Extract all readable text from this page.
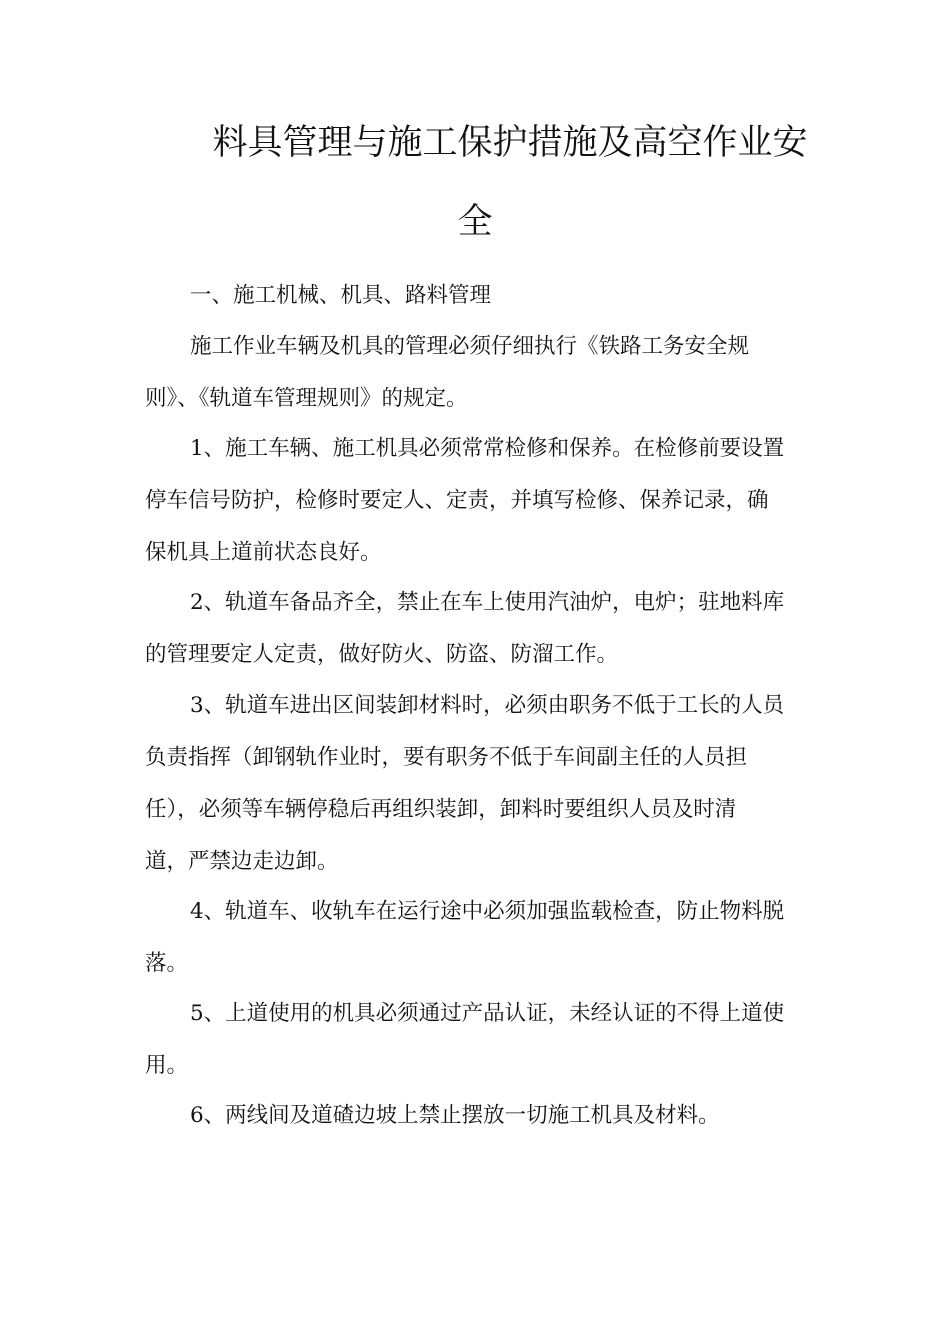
料具管理与施工保护措施及高空作业安
全

一、施工机械、机具、路料管理

施工作业车辆及机具的管理必须仔细执行《铁路工务安全规
则》、《轨道车管理规则》的规定。

1、施工车辆、施工机具必须常常检修和保养。在检修前要设置
停车信号防护，检修时要定人、定责，并填写检修、保养记录，确
保机具上道前状态良好。

2、轨道车备品齐全，禁止在车上使用汽油炉，电炉；驻地料库
的管理要定人定责，做好防火、防盗、防溜工作。

3、轨道车进出区间装卸材料时，必须由职务不低于工长的人员
负责指挥（卸钢轨作业时，要有职务不低于车间副主任的人员担
任），必须等车辆停稳后再组织装卸，卸料时要组织人员及时清
道，严禁边走边卸。

4、轨道车、收轨车在运行途中必须加强监载检查，防止物料脱
落。

5、上道使用的机具必须通过产品认证，未经认证的不得上道使
用。

6、两线间及道碴边坡上禁止摆放一切施工机具及材料。
